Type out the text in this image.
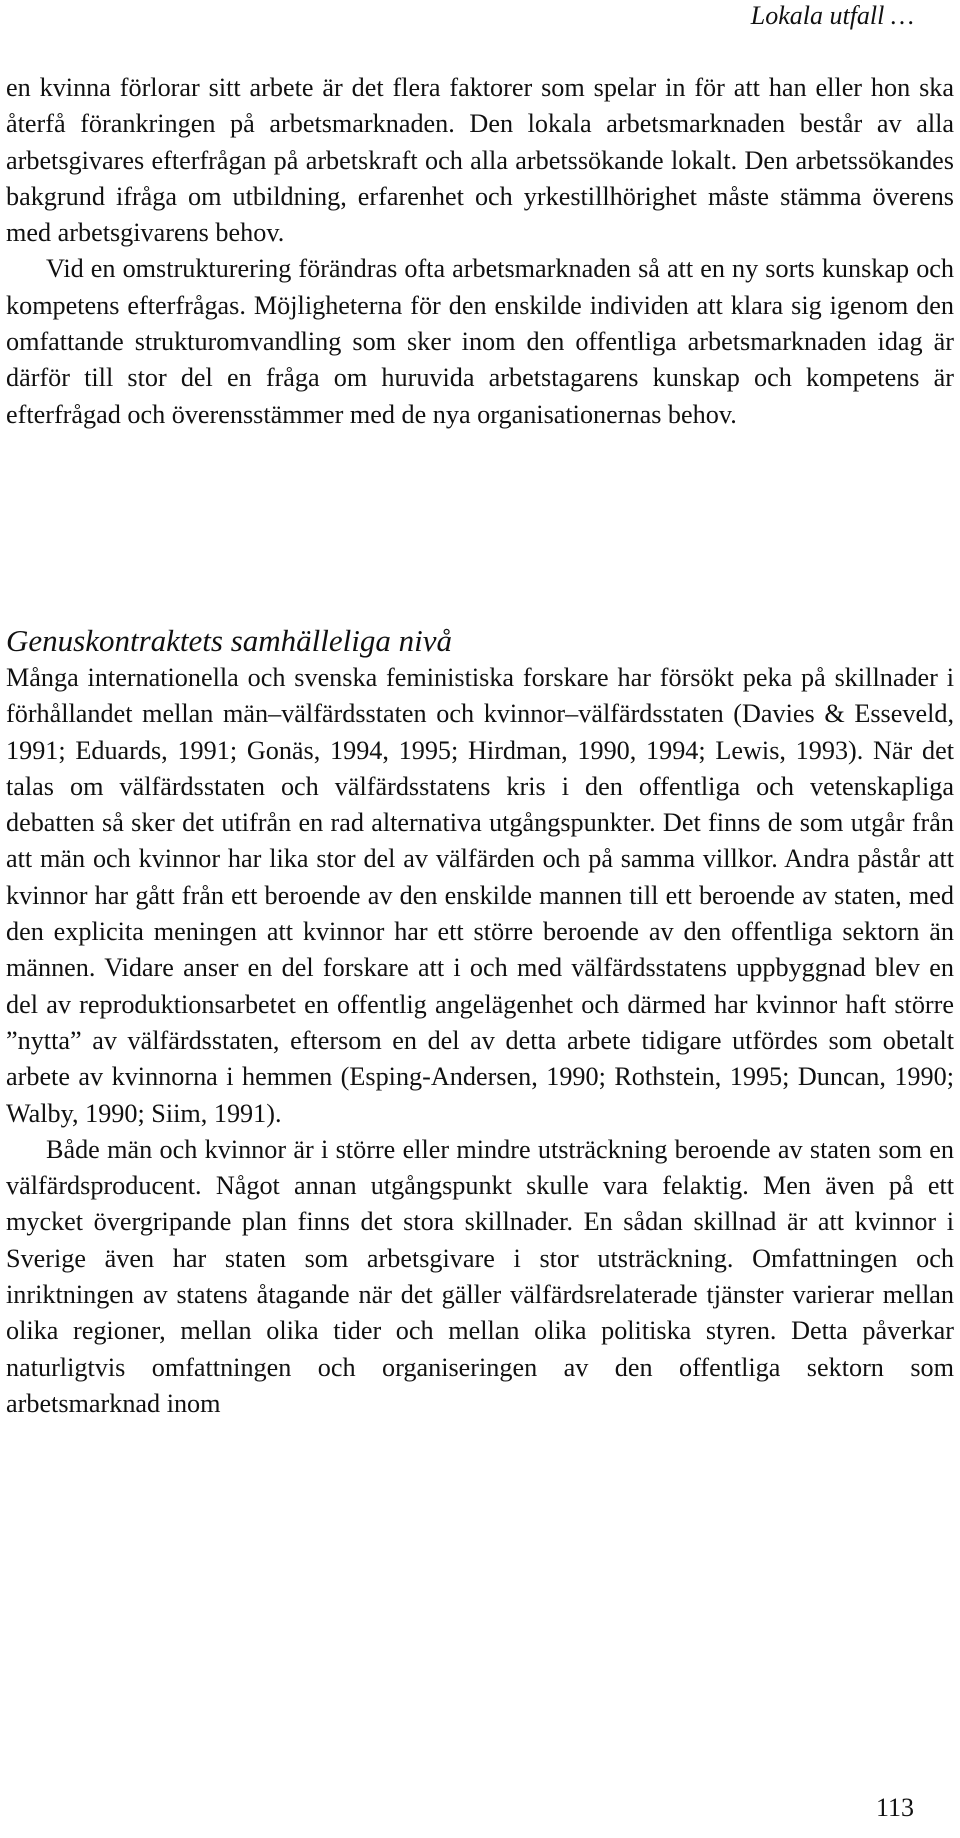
Lokala utfall …

en kvinna förlorar sitt arbete är det flera faktorer som spelar in för att han eller hon ska återfå förankringen på arbetsmarknaden. Den lokala arbetsmarknaden består av alla arbetsgivares efterfrågan på arbetskraft och alla arbetssökande lokalt. Den arbetssökandes bakgrund ifråga om utbildning, erfarenhet och yrkestillhörighet måste stämma överens med arbetsgivarens behov.

Vid en omstrukturering förändras ofta arbetsmarknaden så att en ny sorts kunskap och kompetens efterfrågas. Möjligheterna för den enskilde individen att klara sig igenom den omfattande strukturomvandling som sker inom den offentliga arbetsmarknaden idag är därför till stor del en fråga om huruvida arbetstagarens kunskap och kompetens är efterfrågad och överensstämmer med de nya organisationernas behov.

Genuskontraktets samhälleliga nivå

Många internationella och svenska feministiska forskare har försökt peka på skillnader i förhållandet mellan män–välfärdsstaten och kvinnor–välfärdsstaten (Davies & Esseveld, 1991; Eduards, 1991; Gonäs, 1994, 1995; Hirdman, 1990, 1994; Lewis, 1993). När det talas om välfärdsstaten och välfärdsstatens kris i den offentliga och vetenskapliga debatten så sker det utifrån en rad alternativa utgångspunkter. Det finns de som utgår från att män och kvinnor har lika stor del av välfärden och på samma villkor. Andra påstår att kvinnor har gått från ett beroende av den enskilde mannen till ett beroende av staten, med den explicita meningen att kvinnor har ett större beroende av den offentliga sektorn än männen. Vidare anser en del forskare att i och med välfärdsstatens uppbyggnad blev en del av reproduktionsarbetet en offentlig angelägenhet och därmed har kvinnor haft större ”nytta” av välfärdsstaten, eftersom en del av detta arbete tidigare utfördes som obetalt arbete av kvinnorna i hemmen (Esping-Andersen, 1990; Rothstein, 1995; Duncan, 1990; Walby, 1990; Siim, 1991).

Både män och kvinnor är i större eller mindre utsträckning beroende av staten som en välfärdsproducent. Något annan utgångspunkt skulle vara felaktig. Men även på ett mycket övergripande plan finns det stora skillnader. En sådan skillnad är att kvinnor i Sverige även har staten som arbetsgivare i stor utsträckning. Omfattningen och inriktningen av statens åtagande när det gäller välfärdsrelaterade tjänster varierar mellan olika regioner, mellan olika tider och mellan olika politiska styren. Detta påverkar naturligtvis omfattningen och organiseringen av den offentliga sektorn som arbetsmarknad inom

113
